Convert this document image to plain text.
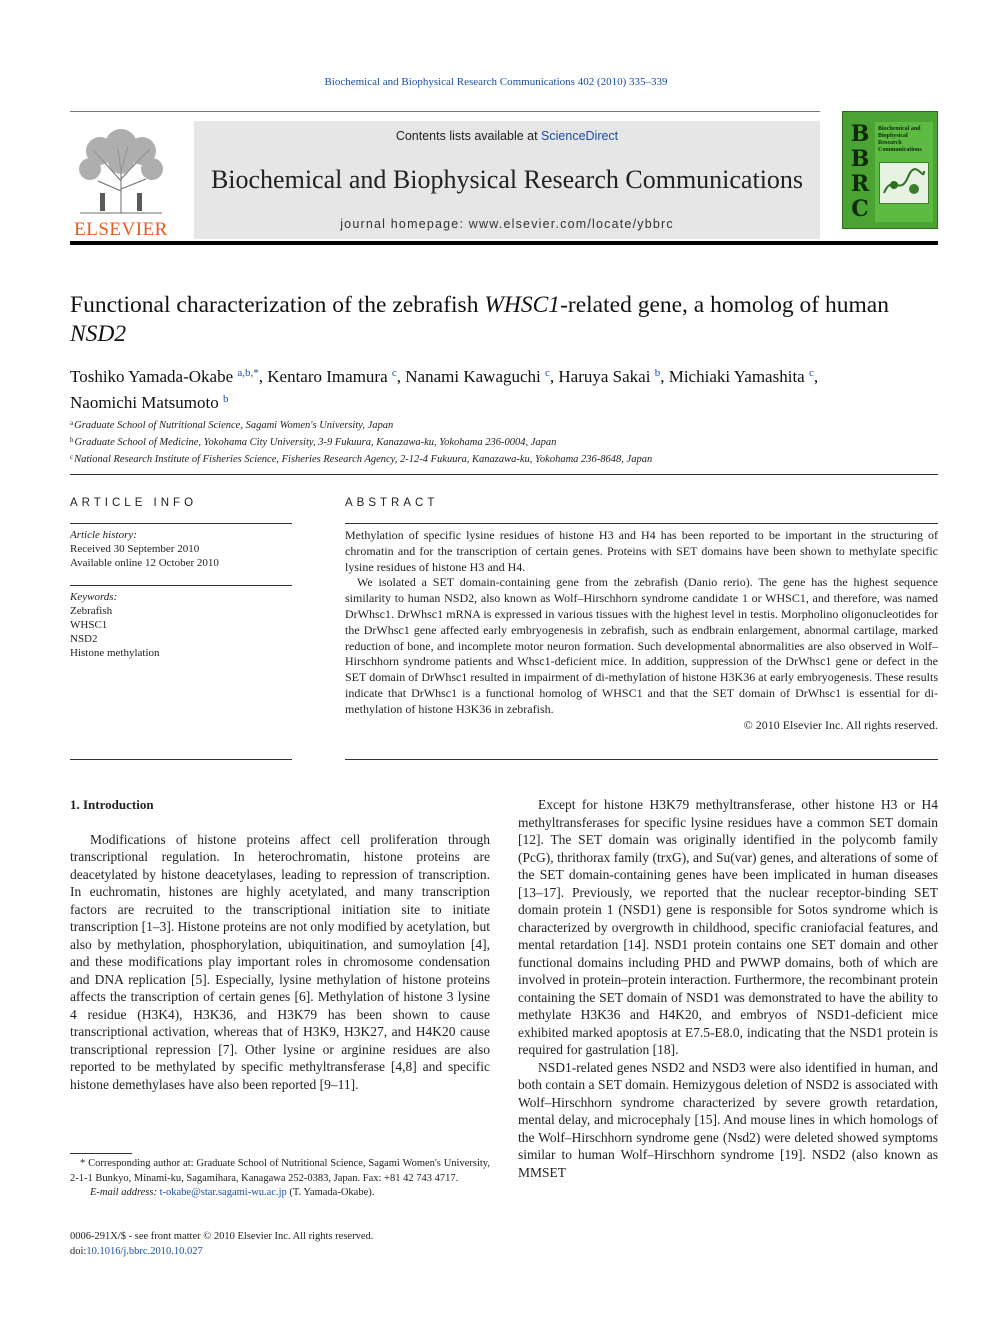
Biochemical and Biophysical Research Communications 402 (2010) 335–339
ELSEVIER
Contents lists available at ScienceDirect
Biochemical and Biophysical Research Communications
journal homepage: www.elsevier.com/locate/ybbrc
B
B
R
C
Biochemical and Biophysical Research Communications
Functional characterization of the zebrafish WHSC1-related gene, a homolog of human NSD2
Toshiko Yamada-Okabe $^{a,b,*}$, Kentaro Imamura $^c$, Nanami Kawaguchi $^c$, Haruya Sakai $^b$, Michiaki Yamashita $^c$,
Naomichi Matsumoto $^b$
$^a$Graduate School of Nutritional Science, Sagami Women's University, Japan
$^b$Graduate School of Medicine, Yokohama City University, 3-9 Fukuura, Kanazawa-ku, Yokohama 236-0004, Japan
$^c$National Research Institute of Fisheries Science, Fisheries Research Agency, 2-12-4 Fukuura, Kanazawa-ku, Yokohama 236-8648, Japan
ARTICLE INFO
Article history:
Received 30 September 2010
Available online 12 October 2010
Keywords:
Zebrafish
WHSC1
NSD2
Histone methylation
ABSTRACT

Methylation of specific lysine residues of histone H3 and H4 has been reported to be important in the structuring of chromatin and for the transcription of certain genes. Proteins with SET domains have been shown to methylate specific lysine residues of histone H3 and H4.

We isolated a SET domain-containing gene from the zebrafish (Danio rerio). The gene has the highest sequence similarity to human NSD2, also known as Wolf–Hirschhorn syndrome candidate 1 or WHSC1, and therefore, was named DrWhsc1. DrWhsc1 mRNA is expressed in various tissues with the highest level in testis. Morpholino oligonucleotides for the DrWhsc1 gene affected early embryogenesis in zebrafish, such as endbrain enlargement, abnormal cartilage, marked reduction of bone, and incomplete motor neuron formation. Such developmental abnormalities are also observed in Wolf–Hirschhorn syndrome patients and Whsc1-deficient mice. In addition, suppression of the DrWhsc1 gene or defect in the SET domain of DrWhsc1 resulted in impairment of di-methylation of histone H3K36 at early embryogenesis. These results indicate that DrWhsc1 is a functional homolog of WHSC1 and that the SET domain of DrWhsc1 is essential for di-methylation of histone H3K36 in zebrafish.

© 2010 Elsevier Inc. All rights reserved.

1. Introduction

Modifications of histone proteins affect cell proliferation through transcriptional regulation. In heterochromatin, histone proteins are deacetylated by histone deacetylases, leading to repression of transcription. In euchromatin, histones are highly acetylated, and many transcription factors are recruited to the transcriptional initiation site to initiate transcription [1–3]. Histone proteins are not only modified by acetylation, but also by methylation, phosphorylation, ubiquitination, and sumoylation [4], and these modifications play important roles in chromosome condensation and DNA replication [5]. Especially, lysine methylation of histone proteins affects the transcription of certain genes [6]. Methylation of histone 3 lysine 4 residue (H3K4), H3K36, and H3K79 has been shown to cause transcriptional activation, whereas that of H3K9, H3K27, and H4K20 cause transcriptional repression [7]. Other lysine or arginine residues are also reported to be methylated by specific methyltransferase [4,8] and specific histone demethylases have also been reported [9–11].

Except for histone H3K79 methyltransferase, other histone H3 or H4 methyltransferases for specific lysine residues have a common SET domain [12]. The SET domain was originally identified in the polycomb family (PcG), thrithorax family (trxG), and Su(var) genes, and alterations of some of the SET domain-containing genes have been implicated in human diseases [13–17]. Previously, we reported that the nuclear receptor-binding SET domain protein 1 (NSD1) gene is responsible for Sotos syndrome which is characterized by overgrowth in childhood, specific craniofacial features, and mental retardation [14]. NSD1 protein contains one SET domain and other functional domains including PHD and PWWP domains, both of which are involved in protein–protein interaction. Furthermore, the recombinant protein containing the SET domain of NSD1 was demonstrated to have the ability to methylate H3K36 and H4K20, and embryos of NSD1-deficient mice exhibited marked apoptosis at E7.5-E8.0, indicating that the NSD1 protein is required for gastrulation [18].

NSD1-related genes NSD2 and NSD3 were also identified in human, and both contain a SET domain. Hemizygous deletion of NSD2 is associated with Wolf–Hirschhorn syndrome characterized by severe growth retardation, mental delay, and microcephaly [15]. And mouse lines in which homologs of the Wolf–Hirschhorn syndrome gene (Nsd2) were deleted showed symptoms similar to human Wolf–Hirschhorn syndrome [19]. NSD2 (also known as MMSET

* Corresponding author at: Graduate School of Nutritional Science, Sagami Women's University, 2-1-1 Bunkyo, Minami-ku, Sagamihara, Kanagawa 252-0383, Japan. Fax: +81 42 743 4717.
E-mail address: t-okabe@star.sagami-wu.ac.jp (T. Yamada-Okabe).
0006-291X/$ - see front matter © 2010 Elsevier Inc. All rights reserved.
doi:10.1016/j.bbrc.2010.10.027
